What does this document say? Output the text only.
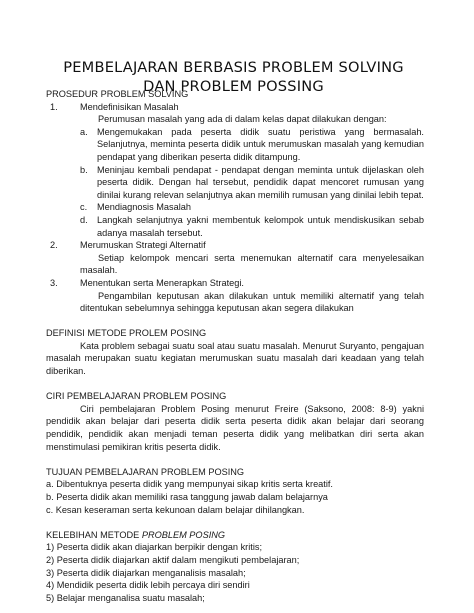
PEMBELAJARAN BERBASIS PROBLEM SOLVING DAN PROBLEM POSSING

PROSEDUR PROBLEM SOLVING

1.	Mendefinisikan Masalah

Perumusan masalah yang ada di dalam kelas dapat dilakukan dengan:

a.	Mengemukakan pada peserta didik suatu peristiwa yang bermasalah. Selanjutnya, meminta peserta didik untuk merumuskan masalah yang kemudian pendapat yang diberikan peserta didik ditampung.
b.	Meninjau kembali pendapat - pendapat dengan meminta untuk dijelaskan oleh peserta didik. Dengan hal tersebut, pendidik dapat mencoret rumusan yang dinilai kurang relevan selanjutnya akan memilih rumusan yang dinilai lebih tepat.
c.	Mendiagnosis Masalah
d.	Langkah selanjutnya yakni membentuk kelompok untuk mendiskusikan sebab adanya masalah tersebut.
2.	Merumuskan Strategi Alternatif

Setiap kelompok mencari serta menemukan alternatif cara menyelesaikan masalah.

3.	Menentukan serta Menerapkan Strategi.

Pengambilan keputusan akan dilakukan untuk memiliki alternatif yang telah ditentukan sebelumnya sehingga keputusan akan segera dilakukan

DEFINISI METODE PROLEM POSING

Kata problem sebagai suatu soal atau suatu masalah. Menurut Suryanto, pengajuan masalah merupakan suatu kegiatan merumuskan suatu masalah dari keadaan yang telah diberikan.

CIRI PEMBELAJARAN PROBLEM POSING

Ciri pembelajaran Problem Posing menurut Freire (Saksono, 2008: 8-9) yakni pendidik akan belajar dari peserta didik serta peserta didik akan belajar dari seorang pendidik, pendidik akan menjadi teman peserta didik yang melibatkan diri serta akan menstimulasi pemikiran kritis peserta didik.

TUJUAN PEMBELAJARAN PROBLEM POSING

a. Dibentuknya peserta didik yang mempunyai sikap kritis serta kreatif.

b. Peserta didik akan memiliki rasa tanggung jawab dalam belajarnya

c. Kesan keseraman serta kekunoan dalam belajar dihilangkan.

KELEBIHAN METODE PROBLEM POSING

1) Peserta didik akan diajarkan berpikir dengan kritis;

2) Peserta didik diajarkan aktif dalam mengikuti pembelajaran;

3) Peserta didik diajarkan menganalisis masalah;

4) Mendidik peserta didik lebih percaya diri sendiri

5) Belajar menganalisa suatu masalah;
